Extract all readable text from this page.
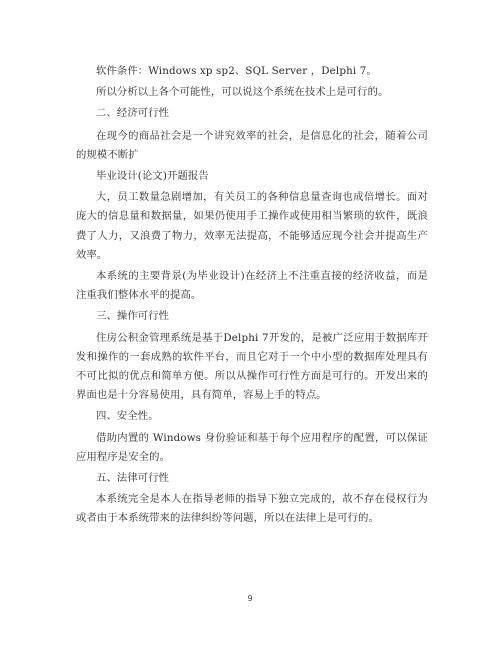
软件条件：Windows xp sp2、SQL Server ，Delphi 7。

所以分析以上各个可能性，可以说这个系统在技术上是可行的。

二、经济可行性

在现今的商品社会是一个讲究效率的社会，是信息化的社会，随着公司的规模不断扩

毕业设计(论文)开题报告

大，员工数量急剧增加，有关员工的各种信息量查询也成倍增长。面对庞大的信息量和数据量，如果仍使用手工操作或使用相当繁琐的软件，既浪费了人力，又浪费了物力，效率无法提高，不能够适应现今社会并提高生产效率。

本系统的主要背景(为毕业设计)在经济上不注重直接的经济收益，而是注重我们整体水平的提高。

三、操作可行性

住房公积金管理系统是基于Delphi 7开发的，是被广泛应用于数据库开发和操作的一套成熟的软件平台，而且它对于一个中小型的数据库处理具有不可比拟的优点和简单方便。所以从操作可行性方面是可行的。开发出来的界面也是十分容易使用，具有简单，容易上手的特点。

四、安全性。

借助内置的 Windows 身份验证和基于每个应用程序的配置，可以保证应用程序是安全的。

五、法律可行性

本系统完全是本人在指导老师的指导下独立完成的，故不存在侵权行为或者由于本系统带来的法律纠纷等问题，所以在法律上是可行的。

9
